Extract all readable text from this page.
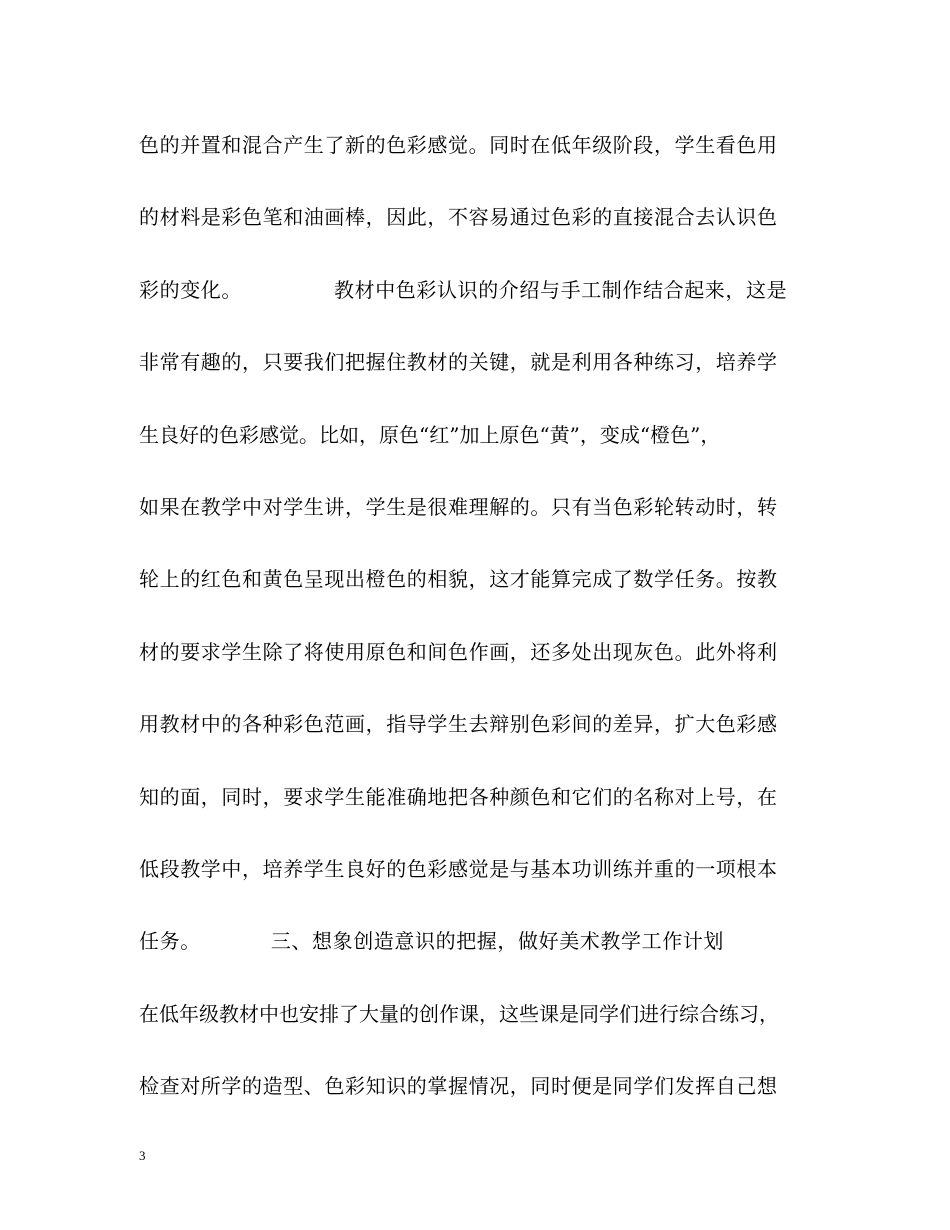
色的并置和混合产生了新的色彩感觉。同时在低年级阶段，学生看色用
的材料是彩色笔和油画棒，因此，不容易通过色彩的直接混合去认识色
彩的变化。	教材中色彩认识的介绍与手工制作结合起来，这是
非常有趣的，只要我们把握住教材的关键，就是利用各种练习，培养学
生良好的色彩感觉。比如，原色“红”加上原色“黄”，变成“橙色”，
如果在教学中对学生讲，学生是很难理解的。只有当色彩轮转动时，转
轮上的红色和黄色呈现出橙色的相貌，这才能算完成了数学任务。按教
材的要求学生除了将使用原色和间色作画，还多处出现灰色。此外将利
用教材中的各种彩色范画，指导学生去辩别色彩间的差异，扩大色彩感
知的面，同时，要求学生能准确地把各种颜色和它们的名称对上号，在
低段教学中，培养学生良好的色彩感觉是与基本功训练并重的一项根本
任务。	三、想象创造意识的把握，做好美术教学工作计划
在低年级教材中也安排了大量的创作课，这些课是同学们进行综合练习，
检查对所学的造型、色彩知识的掌握情况，同时便是同学们发挥自己想
3
